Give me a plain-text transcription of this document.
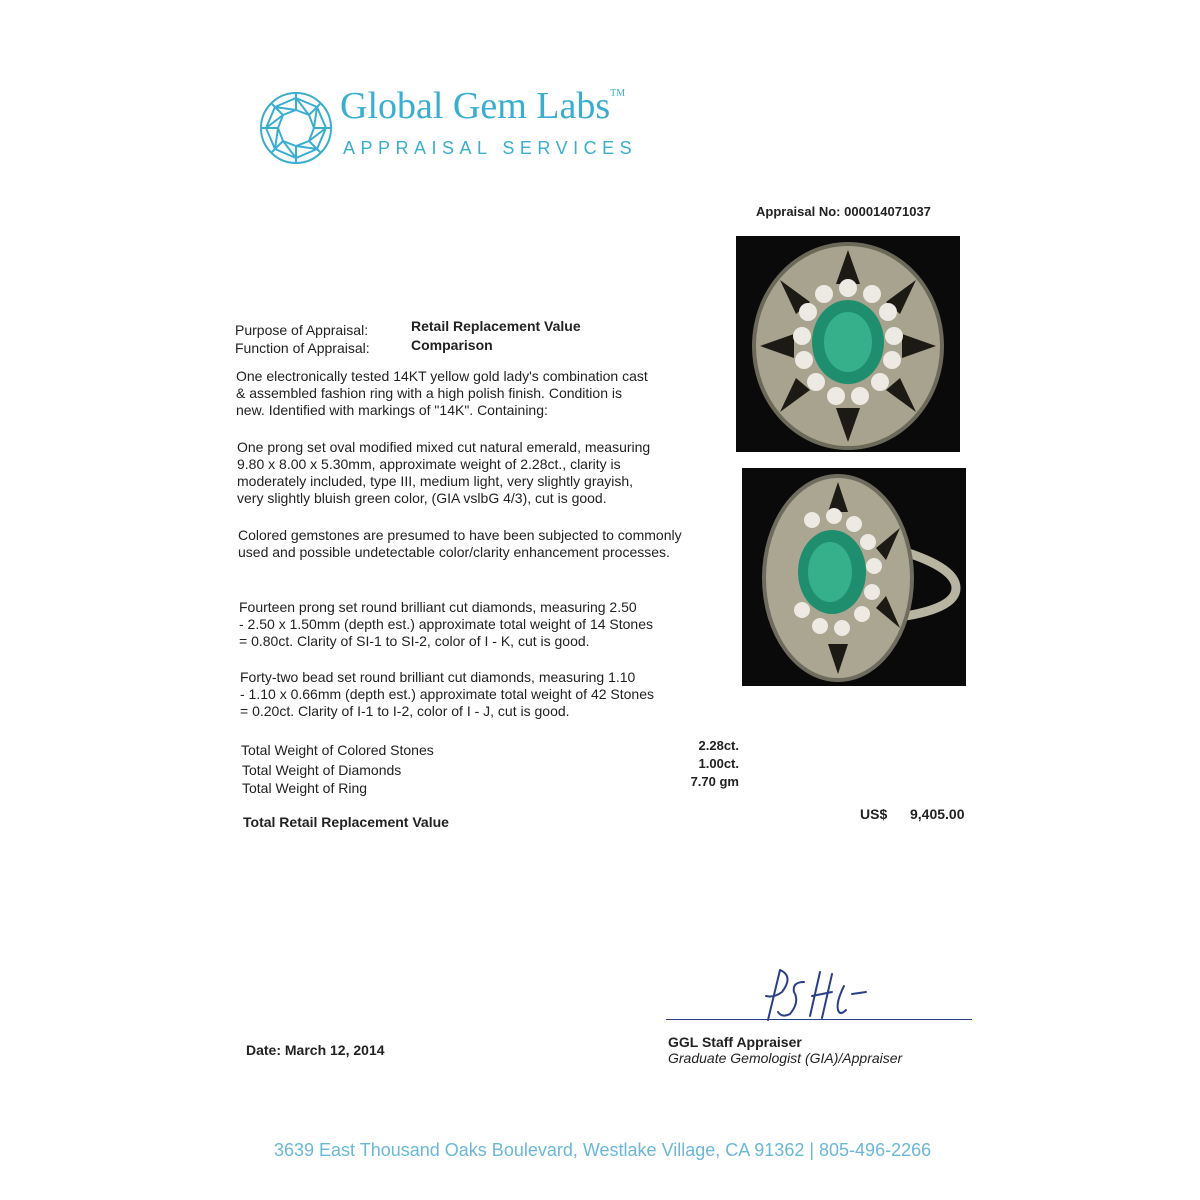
Global Gem Labs™
APPRAISAL SERVICES
Appraisal No: 000014071037
Purpose of Appraisal:	Retail Replacement Value
Function of Appraisal:	Comparison
One electronically tested 14KT yellow gold lady's combination cast
& assembled fashion ring with a high polish finish. Condition is
new. Identified with markings of "14K". Containing:
One prong set oval modified mixed cut natural emerald, measuring
9.80 x 8.00 x 5.30mm, approximate weight of 2.28ct., clarity is
moderately included, type III, medium light, very slightly grayish,
very slightly bluish green color, (GIA vslbG 4/3), cut is good.
Colored gemstones are presumed to have been subjected to commonly
used and possible undetectable color/clarity enhancement processes.
Fourteen prong set round brilliant cut diamonds, measuring 2.50
- 2.50 x 1.50mm (depth est.) approximate total weight of 14 Stones
= 0.80ct. Clarity of SI-1 to SI-2, color of I - K, cut is good.
Forty-two bead set round brilliant cut diamonds, measuring 1.10
- 1.10 x 0.66mm (depth est.) approximate total weight of 42 Stones
= 0.20ct. Clarity of I-1 to I-2, color of I - J, cut is good.
Total Weight of Colored Stones	2.28ct.
Total Weight of Diamonds	1.00ct.
Total Weight of Ring	7.70 gm
Total Retail Replacement Value	US$ 9,405.00
GGL Staff Appraiser
Graduate Gemologist (GIA)/Appraiser
Date: March 12, 2014
3639 East Thousand Oaks Boulevard, Westlake Village, CA 91362 | 805-496-2266
